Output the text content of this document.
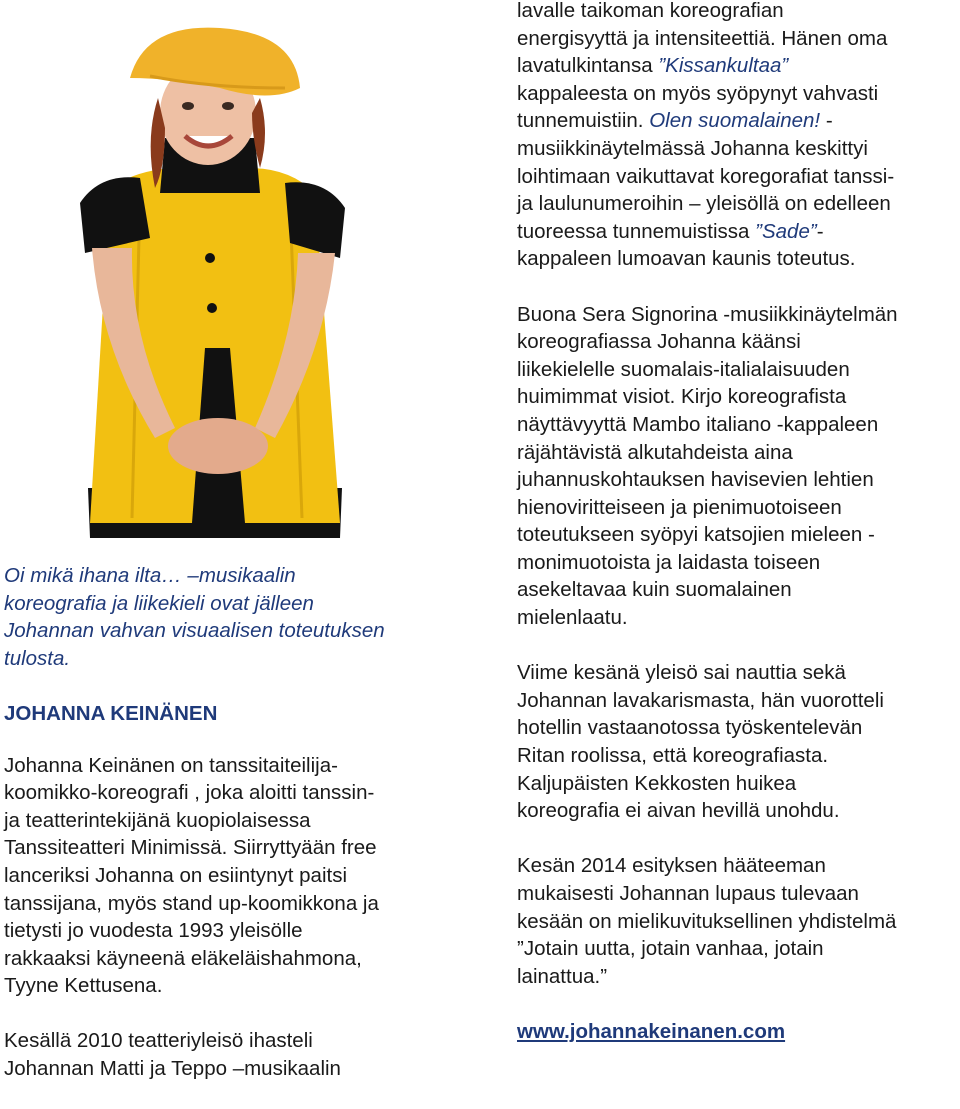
Oi mikä ihana ilta… –musikaalin
koreografia ja liikekieli ovat jälleen
Johannan vahvan visuaalisen toteutuksen
tulosta.
JOHANNA KEINÄNEN
Johanna Keinänen on tanssitaiteilija-
koomikko-koreografi , joka aloitti tanssin-
ja teatterintekijänä kuopiolaisessa
Tanssiteatteri Minimissä. Siirryttyään free
lanceriksi Johanna on esiintynyt paitsi
tanssijana, myös stand up-koomikkona ja
tietysti jo vuodesta 1993 yleisölle
rakkaaksi käyneenä eläkeläishahmona,
Tyyne Kettusena.
Kesällä 2010 teatteriyleisö ihasteli
Johannan Matti ja Teppo –musikaalin
lavalle taikoman koreografian
energisyyttä ja intensiteettiä. Hänen oma
lavatulkintansa ”Kissankultaa”
kappaleesta on myös syöpynyt vahvasti
tunnemuistiin. Olen suomalainen! -
musiikkinäytelmässä Johanna keskittyi
loihtimaan vaikuttavat koregorafiat tanssi-
ja laulunumeroihin – yleisöllä on edelleen
tuoreessa tunnemuistissa ”Sade”-
kappaleen lumoavan kaunis toteutus.
Buona Sera Signorina -musiikkinäytelmän
koreografiassa Johanna käänsi
liikekielelle suomalais-italialaisuuden
huimimmat visiot. Kirjo koreografista
näyttävyyttä Mambo italiano -kappaleen
räjähtävistä alkutahdeista aina
juhannuskohtauksen havisevien lehtien
hienoviritteiseen ja pienimuotoiseen
toteutukseen syöpyi katsojien mieleen -
monimuotoista ja laidasta toiseen
asekeltavaa kuin suomalainen
mielenlaatu.
Viime kesänä yleisö sai nauttia sekä
Johannan lavakarismasta, hän vuorotteli
hotellin vastaanotossa työskentelevän
Ritan roolissa, että koreografiasta.
Kaljupäisten Kekkosten huikea
koreografia ei aivan hevillä unohdu.
Kesän 2014 esityksen hääteeman
mukaisesti Johannan lupaus tulevaan
kesään on mielikuvituksellinen yhdistelmä
”Jotain uutta, jotain vanhaa, jotain
lainattua.”
www.johannakeinanen.com
